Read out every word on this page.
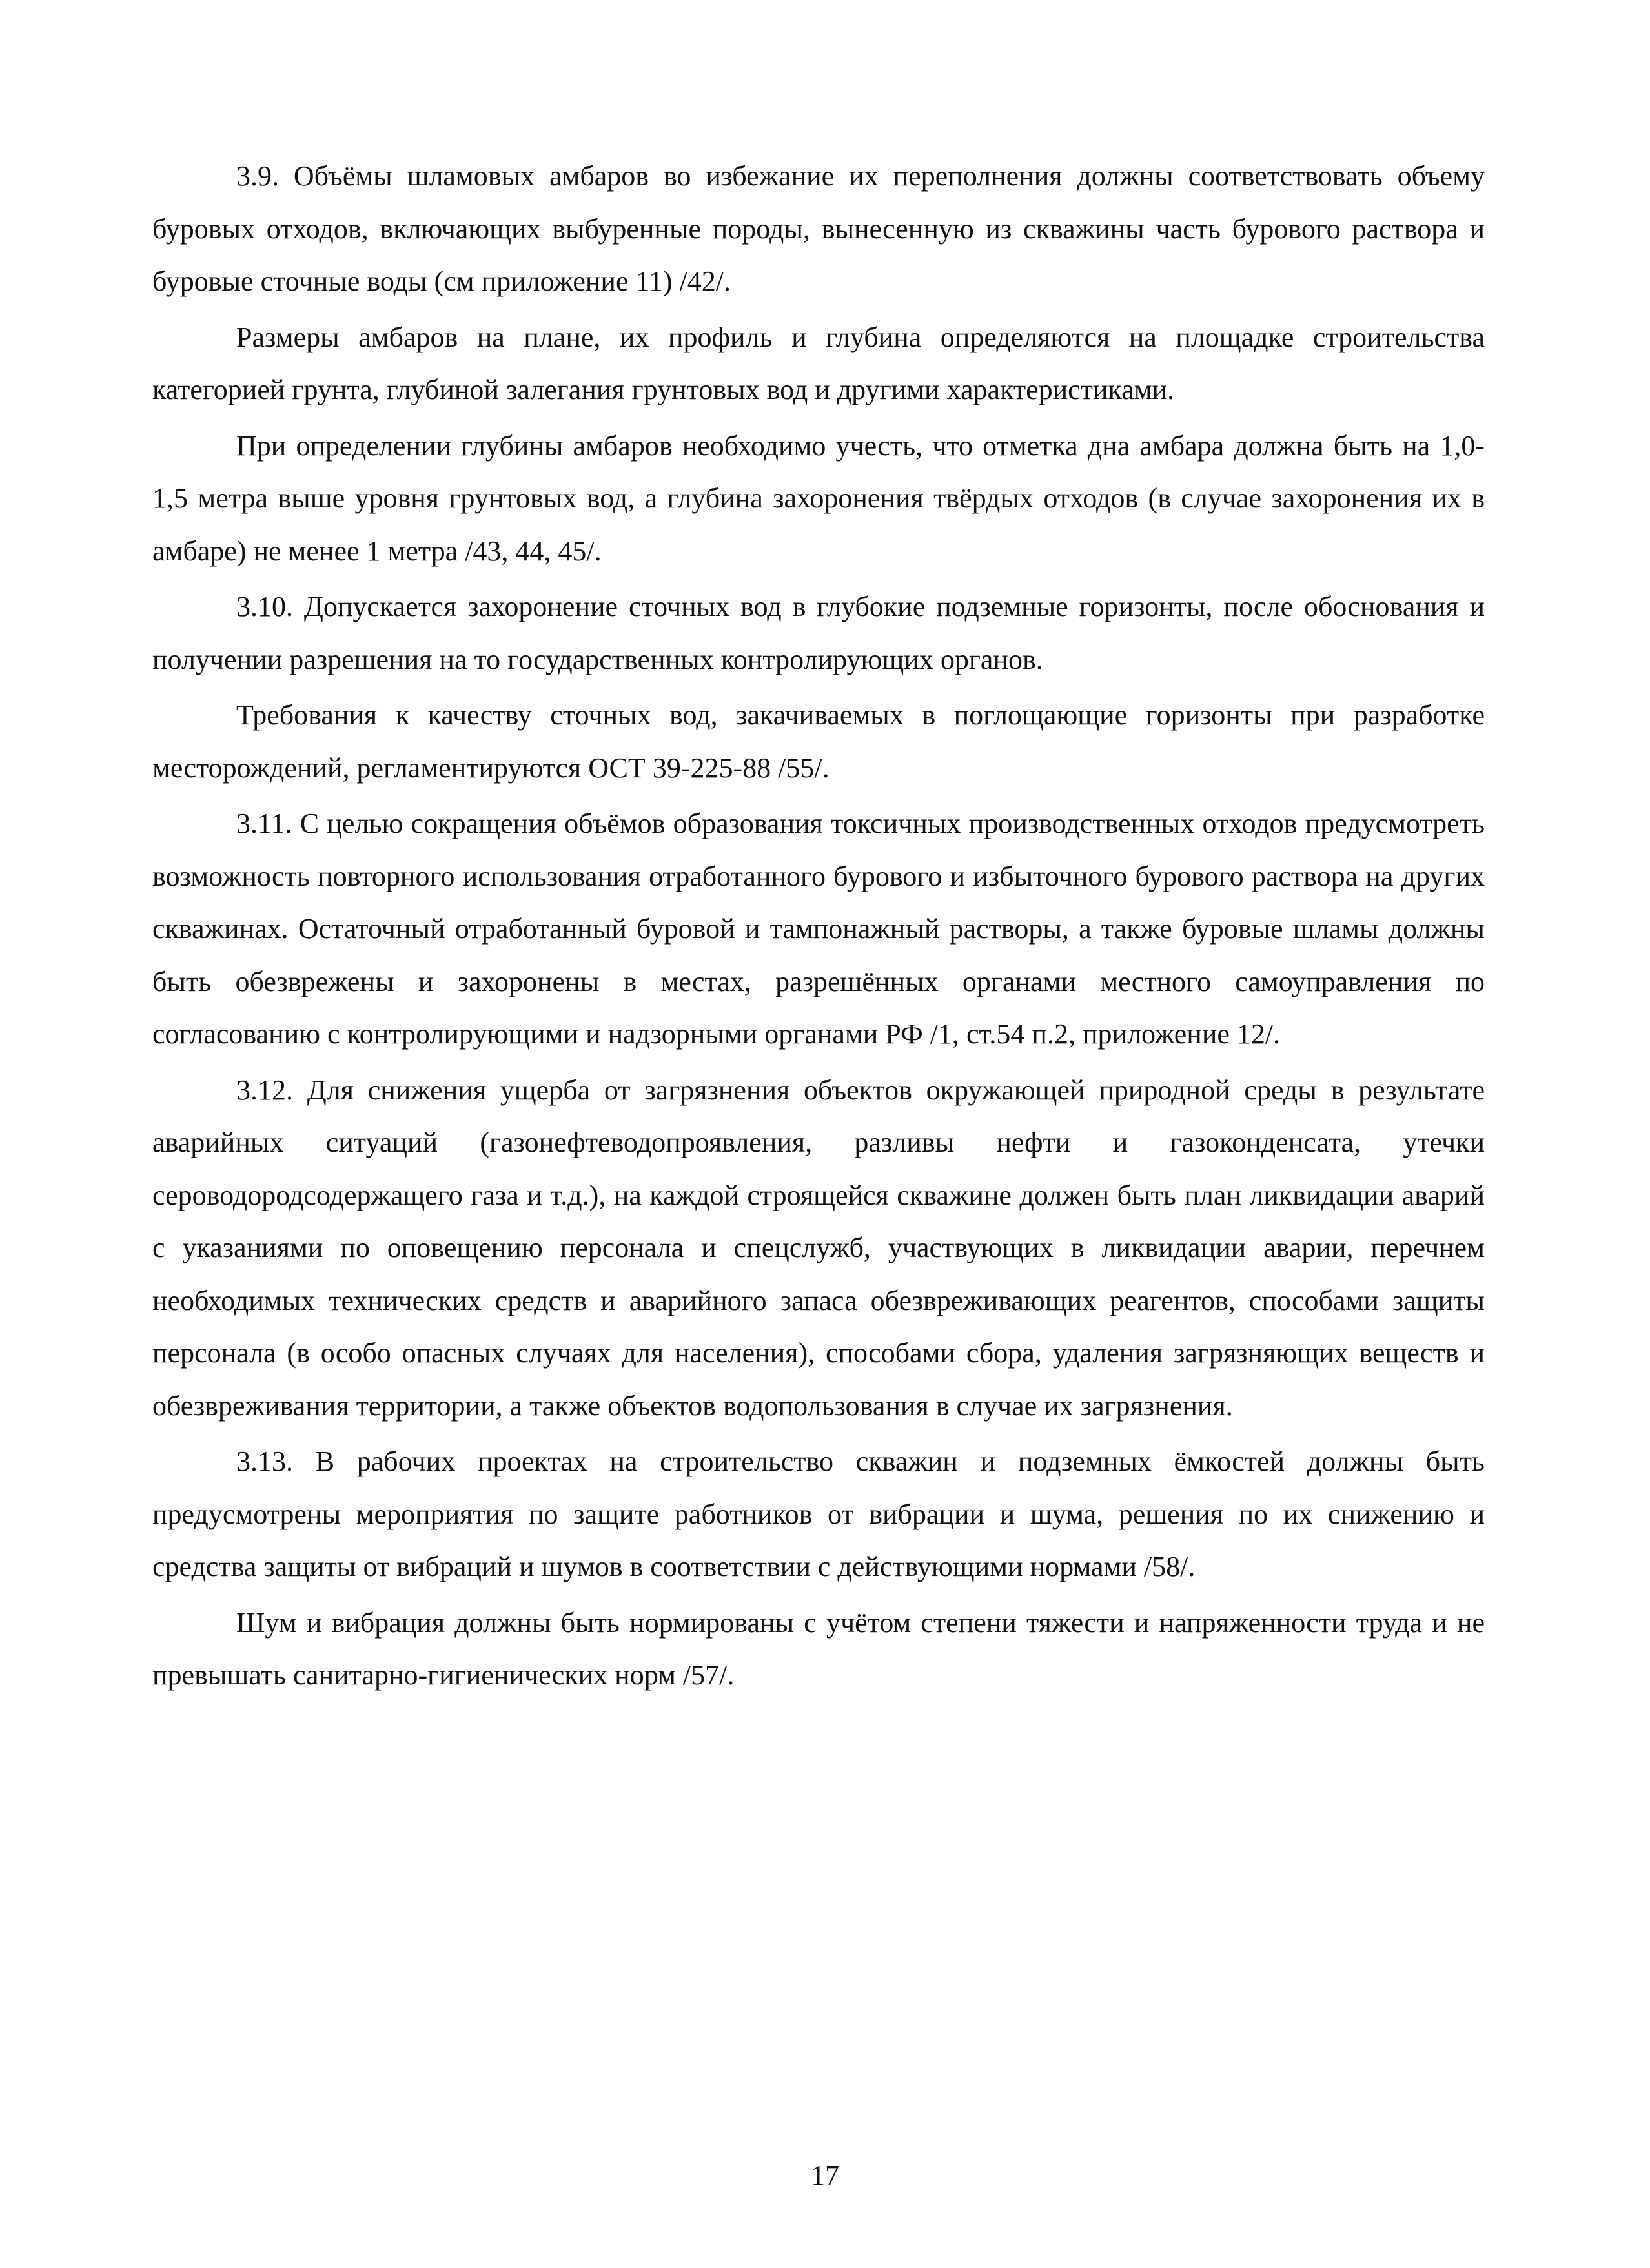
3.9. Объёмы шламовых амбаров во избежание их переполнения должны соответствовать объему буровых отходов, включающих выбуренные породы, вынесенную из скважины часть бурового раствора и буровые сточные воды (см приложение 11) /42/.

Размеры амбаров на плане, их профиль и глубина определяются на площадке строительства категорией грунта, глубиной залегания грунтовых вод и другими характеристиками.

При определении глубины амбаров необходимо учесть, что отметка дна амбара должна быть на 1,0-1,5 метра выше уровня грунтовых вод, а глубина захоронения твёрдых отходов (в случае захоронения их в амбаре) не менее 1 метра /43, 44, 45/.

3.10. Допускается захоронение сточных вод в глубокие подземные горизонты, после обоснования и получении разрешения на то государственных контролирующих органов.

Требования к качеству сточных вод, закачиваемых в поглощающие горизонты при разработке месторождений, регламентируются ОСТ 39-225-88 /55/.

3.11. С целью сокращения объёмов образования токсичных производственных отходов предусмотреть возможность повторного использования отработанного бурового и избыточного бурового раствора на других скважинах. Остаточный отработанный буровой и тампонажный растворы, а также буровые шламы должны быть обезврежены и захоронены в местах, разрешённых органами местного самоуправления по согласованию с контролирующими и надзорными органами РФ /1, ст.54 п.2, приложение 12/.

3.12. Для снижения ущерба от загрязнения объектов окружающей природной среды в результате аварийных ситуаций (газонефтеводопроявления, разливы нефти и газоконденсата, утечки сероводородсодержащего газа и т.д.), на каждой строящейся скважине должен быть план ликвидации аварий с указаниями по оповещению персонала и спецслужб, участвующих в ликвидации аварии, перечнем необходимых технических средств и аварийного запаса обезвреживающих реагентов, способами защиты персонала (в особо опасных случаях для населения), способами сбора, удаления загрязняющих веществ и обезвреживания территории, а также объектов водопользования в случае их загрязнения.

3.13. В рабочих проектах на строительство скважин и подземных ёмкостей должны быть предусмотрены мероприятия по защите работников от вибрации и шума, решения по их снижению и средства защиты от вибраций и шумов в соответствии с действующими нормами /58/.

Шум и вибрация должны быть нормированы с учётом степени тяжести и напряженности труда и не превышать санитарно-гигиенических норм /57/.

17
